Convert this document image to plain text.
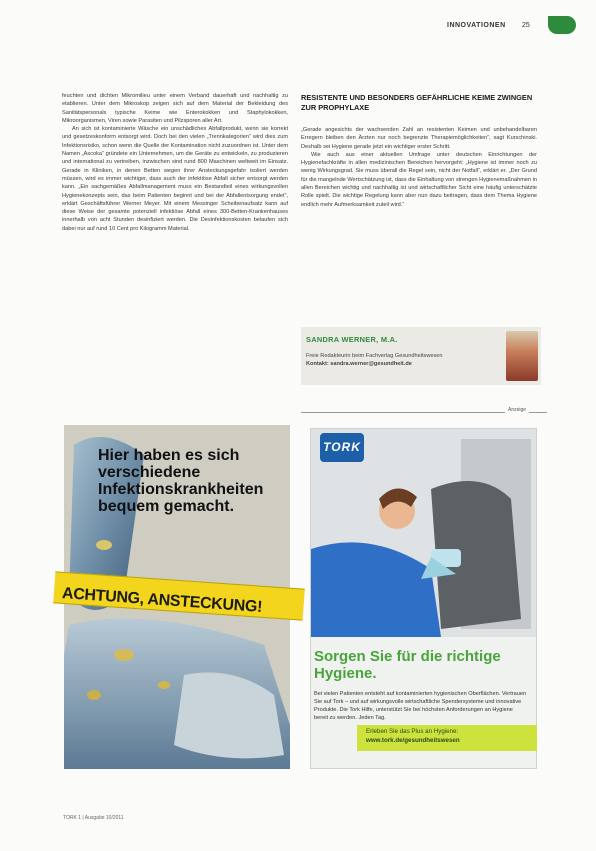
INNOVATIONEN 25

feuchten und dichten Mikromilieu unter einem Verband dauerhaft und nachhaltig zu etablieren. Unter dem Mikroskop zeigen sich auf dem Material der Bekleidung des Sanitätspersonals typische Keime wie Enterokokken und Staphylokokken, Mikroorganismen, Viren sowie Parasiten und Pilzsporen aller Art.

An sich ist kontaminierte Wäsche ein unschädliches Abfallprodukt, wenn sie korrekt und gesetzeskonform entsorgt wird. Doch bei den vielen „Trennkategorien“ wird dies zum Infektionsrisiko, schon wenn die Quelle der Kontamination nicht zuzuordnen ist. Unter dem Namen „Ascoka“ gründete ein Unternehmen, um die Geräte zu entwickeln, zu produzieren und international zu vertreiben, inzwischen sind rund 800 Maschinen weltweit im Einsatz. Gerade in Kliniken, in denen Betten wegen ihrer Ansteckungsgefahr isoliert werden müssen, wird es immer wichtiger, dass auch der infektiöse Abfall sicher entsorgt werden kann. „Ein sachgemäßes Abfallmanagement muss ein Bestandteil eines wirkungsvollen Hygienekonzepts sein, das beim Patienten beginnt und bei der Abfallentsorgung endet“, erklärt Geschäftsführer Werner Meyer. Mit einem Messinger Scheibenaufsatz kann auf diese Weise der gesamte potenziell infektiöse Abfall eines 300-Betten-Krankenhauses innerhalb von acht Stunden desinfiziert werden. Die Desinfektionskosten belaufen sich dabei nur auf rund 10 Cent pro Kilogramm Material.

RESISTENTE UND BESONDERS GEFÄHRLICHE KEIME ZWINGEN ZUR PROPHYLAXE

„Gerade angesichts der wachsenden Zahl an resistenten Keimen und unbehandelbaren Erregern bleiben den Ärzten nur noch begrenzte Therapiemöglichkeiten“, sagt Kurschinski. Deshalb sei Hygiene gerade jetzt ein wichtiger erster Schritt.

Wie auch aus einer aktuellen Umfrage unter deutschen Einrichtungen der Hygienefachkräfte in allen medizinischen Bereichen hervorgeht: „Hygiene ist immer noch zu wenig Wirkungsgrad. Sie muss überall die Regel sein, nicht der Notfall“, erklärt er. „Der Grund für die mangelnde Wertschätzung ist, dass die Einhaltung von strengen Hygienemaßnahmen in allen Bereichen wichtig und nachhaltig ist und wirtschaftlicher Sicht eine häufig unterschätzte Rolle spielt. Die wichtige Regelung kann aber nun dazu beitragen, dass dem Thema Hygiene endlich mehr Aufmerksamkeit zuteil wird.“

SANDRA WERNER, M.A.
Freie Redakteurin beim Fachverlag Gesundheitswesen
Kontakt: sandra.werner@gesundheit.de
Anzeige
Hier haben es sich verschiedene Infektionskrankheiten bequem gemacht.
ACHTUNG, ANSTECKUNG!
TORK
Sorgen Sie für die richtige Hygiene.
Bei vielen Patienten entsteht auf kontaminierten hygienischen Oberflächen. Vertrauen Sie auf Tork – und auf wirkungsvolle wirtschaftliche Spendersysteme und innovative Produkte. Die Tork Hilfe, unterstützt Sie bei höchsten Anforderungen an Hygiene bereit zu werden. Jeden Tag.
Erleben Sie das Plus an Hygiene:
www.tork.de/gesundheitswesen
TORK 1 | Ausgabe 10/2011
